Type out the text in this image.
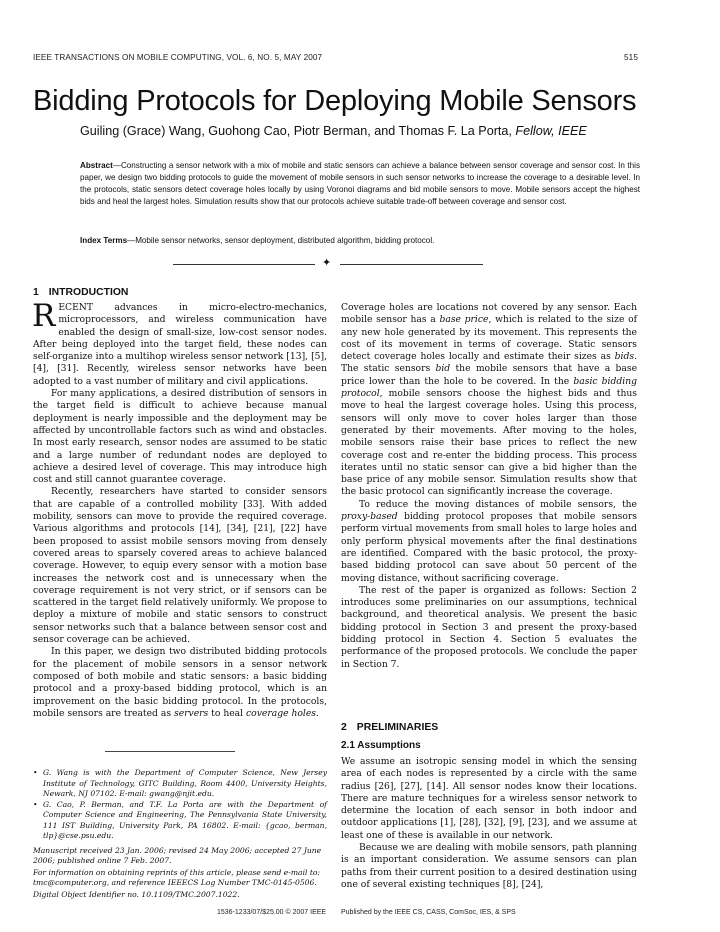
IEEE TRANSACTIONS ON MOBILE COMPUTING, VOL. 6, NO. 5, MAY 2007	515
Bidding Protocols for Deploying Mobile Sensors
Guiling (Grace) Wang, Guohong Cao, Piotr Berman, and Thomas F. La Porta, Fellow, IEEE
Abstract—Constructing a sensor network with a mix of mobile and static sensors can achieve a balance between sensor coverage and sensor cost. In this paper, we design two bidding protocols to guide the movement of mobile sensors in such sensor networks to increase the coverage to a desirable level. In the protocols, static sensors detect coverage holes locally by using Voronoi diagrams and bid mobile sensors to move. Mobile sensors accept the highest bids and heal the largest holes. Simulation results show that our protocols achieve suitable trade-off between coverage and sensor cost.
Index Terms—Mobile sensor networks, sensor deployment, distributed algorithm, bidding protocol.
✦
1 INTRODUCTION

RECENT advances in micro-electro-mechanics, microprocessors, and wireless communication have enabled the design of small-size, low-cost sensor nodes. After being deployed into the target field, these nodes can self-organize into a multihop wireless sensor network [13], [5], [4], [31]. Recently, wireless sensor networks have been adopted to a vast number of military and civil applications.

For many applications, a desired distribution of sensors in the target field is difficult to achieve because manual deployment is nearly impossible and the deployment may be affected by uncontrollable factors such as wind and obstacles. In most early research, sensor nodes are assumed to be static and a large number of redundant nodes are deployed to achieve a desired level of coverage. This may introduce high cost and still cannot guarantee coverage.

Recently, researchers have started to consider sensors that are capable of a controlled mobility [33]. With added mobility, sensors can move to provide the required coverage. Various algorithms and protocols [14], [34], [21], [22] have been proposed to assist mobile sensors moving from densely covered areas to sparsely covered areas to achieve balanced coverage. However, to equip every sensor with a motion base increases the network cost and is unnecessary when the coverage requirement is not very strict, or if sensors can be scattered in the target field relatively uniformly. We propose to deploy a mixture of mobile and static sensors to construct sensor networks such that a balance between sensor cost and sensor coverage can be achieved.

In this paper, we design two distributed bidding protocols for the placement of mobile sensors in a sensor network composed of both mobile and static sensors: a basic bidding protocol and a proxy-based bidding protocol, which is an improvement on the basic bidding protocol. In the protocols, mobile sensors are treated as servers to heal coverage holes.

• G. Wang is with the Department of Computer Science, New Jersey Institute of Technology, GITC Building, Room 4400, University Heights, Newark, NJ 07102. E-mail: gwang@njit.edu.
• G. Cao, P. Berman, and T.F. La Porta are with the Department of Computer Science and Engineering, The Pennsylvania State University, 111 IST Building, University Park, PA 16802. E-mail: {gcao, berman, tlp}@cse.psu.edu.
Manuscript received 23 Jan. 2006; revised 24 May 2006; accepted 27 June 2006; published online 7 Feb. 2007.
For information on obtaining reprints of this article, please send e-mail to: tmc@computer.org, and reference IEEECS Log Number TMC-0145-0506.
Digital Object Identifier no. 10.1109/TMC.2007.1022.

Coverage holes are locations not covered by any sensor. Each mobile sensor has a base price, which is related to the size of any new hole generated by its movement. This represents the cost of its movement in terms of coverage. Static sensors detect coverage holes locally and estimate their sizes as bids. The static sensors bid the mobile sensors that have a base price lower than the hole to be covered. In the basic bidding protocol, mobile sensors choose the highest bids and thus move to heal the largest coverage holes. Using this process, sensors will only move to cover holes larger than those generated by their movements. After moving to the holes, mobile sensors raise their base prices to reflect the new coverage cost and re-enter the bidding process. This process iterates until no static sensor can give a bid higher than the base price of any mobile sensor. Simulation results show that the basic protocol can significantly increase the coverage.

To reduce the moving distances of mobile sensors, the proxy-based bidding protocol proposes that mobile sensors perform virtual movements from small holes to large holes and only perform physical movements after the final destinations are identified. Compared with the basic protocol, the proxy-based bidding protocol can save about 50 percent of the moving distance, without sacrificing coverage.

The rest of the paper is organized as follows: Section 2 introduces some preliminaries on our assumptions, technical background, and theoretical analysis. We present the basic bidding protocol in Section 3 and present the proxy-based bidding protocol in Section 4. Section 5 evaluates the performance of the proposed protocols. We conclude the paper in Section 7.

2 PRELIMINARIES
2.1 Assumptions

We assume an isotropic sensing model in which the sensing area of each nodes is represented by a circle with the same radius [26], [27], [14]. All sensor nodes know their locations. There are mature techniques for a wireless sensor network to determine the location of each sensor in both indoor and outdoor applications [1], [28], [32], [9], [23], and we assume at least one of these is available in our network.

Because we are dealing with mobile sensors, path planning is an important consideration. We assume sensors can plan paths from their current position to a desired destination using one of several existing techniques [8], [24],

1536-1233/07/$25.00 © 2007 IEEE Published by the IEEE CS, CASS, ComSoc, IES, & SPS
